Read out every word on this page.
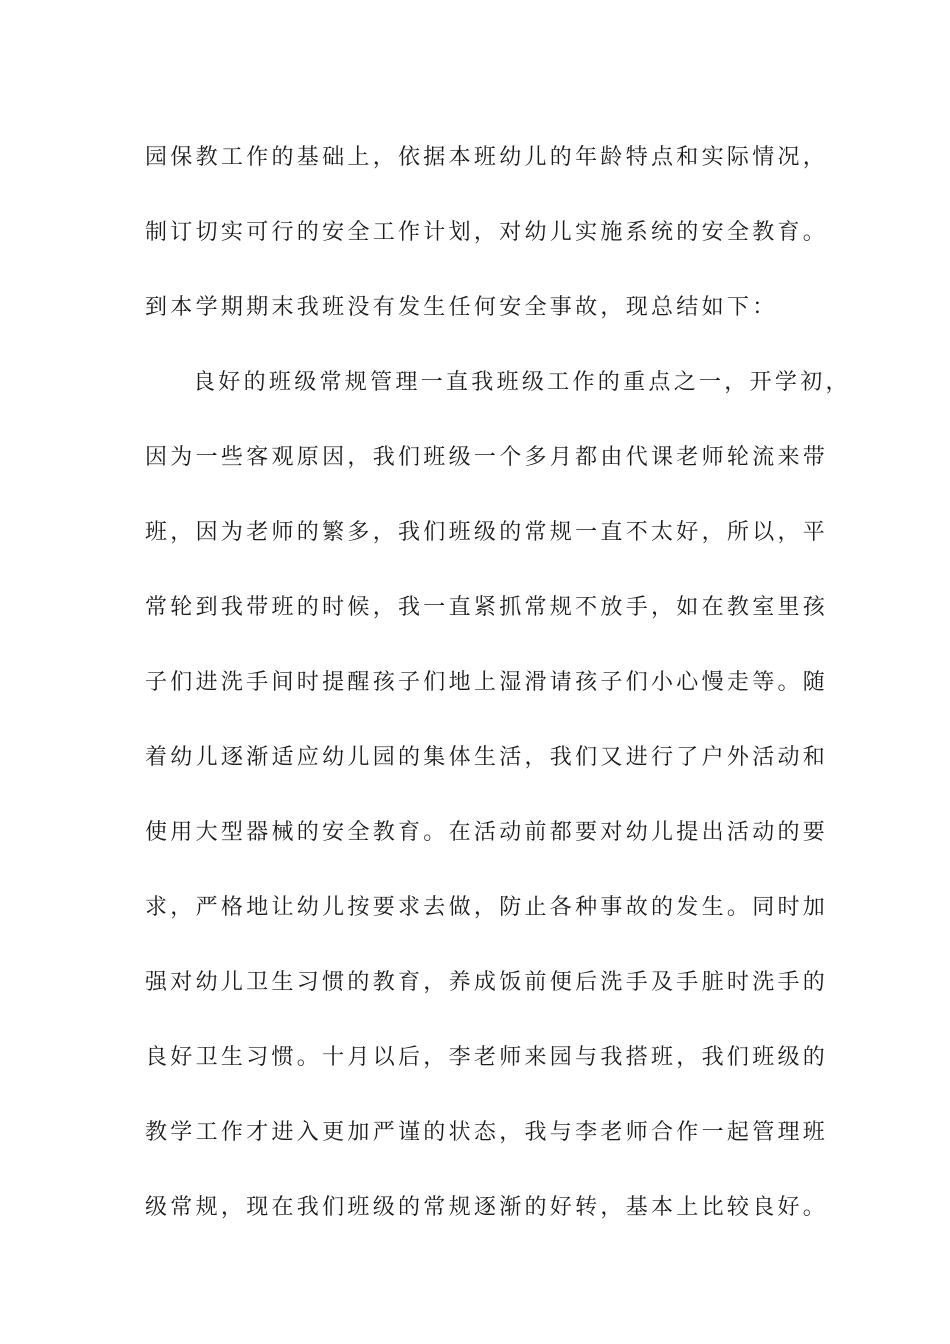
园保教工作的基础上，依据本班幼儿的年龄特点和实际情况，
制订切实可行的安全工作计划，对幼儿实施系统的安全教育。
到本学期期末我班没有发生任何安全事故，现总结如下：
良好的班级常规管理一直我班级工作的重点之一，开学初，
因为一些客观原因，我们班级一个多月都由代课老师轮流来带
班，因为老师的繁多，我们班级的常规一直不太好，所以，平
常轮到我带班的时候，我一直紧抓常规不放手，如在教室里孩
子们进洗手间时提醒孩子们地上湿滑请孩子们小心慢走等。随
着幼儿逐渐适应幼儿园的集体生活，我们又进行了户外活动和
使用大型器械的安全教育。在活动前都要对幼儿提出活动的要
求，严格地让幼儿按要求去做，防止各种事故的发生。同时加
强对幼儿卫生习惯的教育，养成饭前便后洗手及手脏时洗手的
良好卫生习惯。十月以后，李老师来园与我搭班，我们班级的
教学工作才进入更加严谨的状态，我与李老师合作一起管理班
级常规，现在我们班级的常规逐渐的好转，基本上比较良好。
